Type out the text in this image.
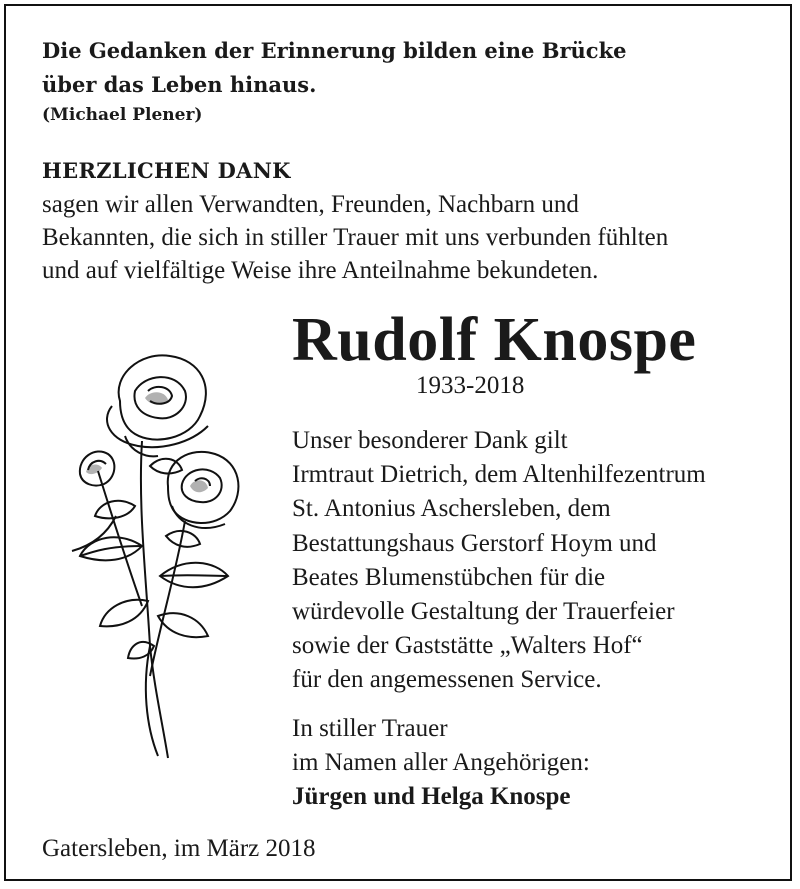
Die Gedanken der Erinnerung bilden eine Brücke
über das Leben hinaus.
(Michael Plener)
HERZLICHEN DANK
sagen wir allen Verwandten, Freunden, Nachbarn und
Bekannten, die sich in stiller Trauer mit uns verbunden fühlten
und auf vielfältige Weise ihre Anteilnahme bekundeten.
Rudolf Knospe
1933-2018
Unser besonderer Dank gilt
Irmtraut Dietrich, dem Altenhilfezentrum
St. Antonius Aschersleben, dem
Bestattungshaus Gerstorf Hoym und
Beates Blumenstübchen für die
würdevolle Gestaltung der Trauerfeier
sowie der Gaststätte „Walters Hof“
für den angemessenen Service.
In stiller Trauer
im Namen aller Angehörigen:
Jürgen und Helga Knospe
Gatersleben, im März 2018
